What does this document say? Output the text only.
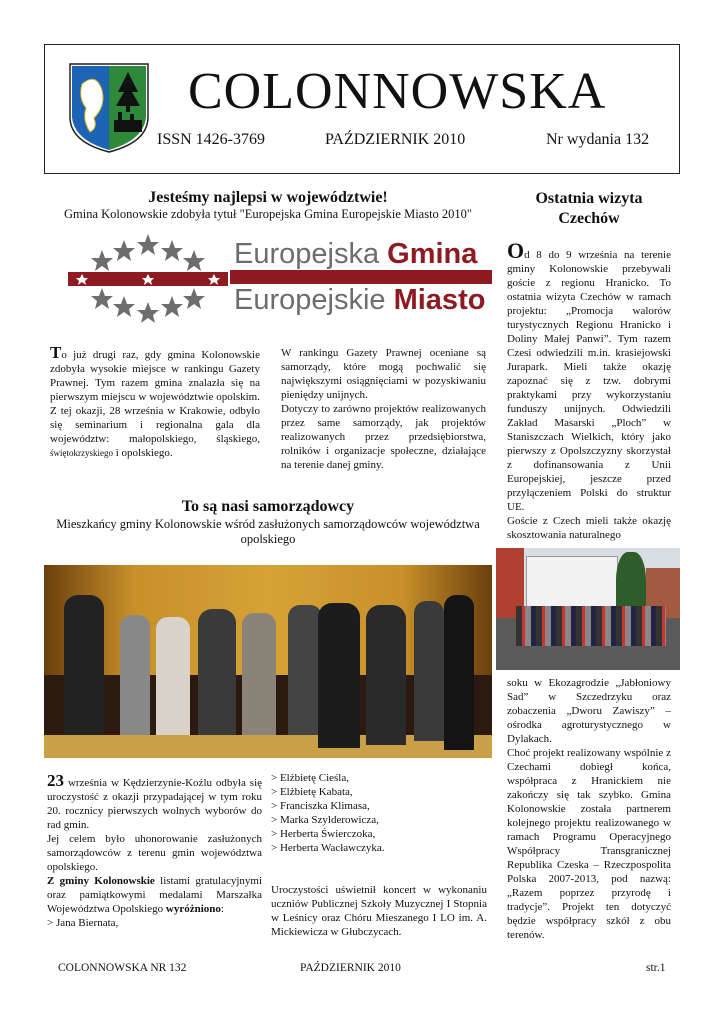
COLONNOWSKA
ISSN 1426-3769	PAŹDZIERNIK 2010	Nr wydania 132
Jesteśmy najlepsi w województwie!
Gmina Kolonowskie zdobyła tytuł "Europejska Gmina Europejskie Miasto 2010"
Europejska Gmina
Europejskie Miasto
To już drugi raz, gdy gmina Kolonowskie zdobyła wysokie miejsce w rankingu Gazety Prawnej. Tym razem gmina znalazła się na pierwszym miejscu w województwie opolskim. Z tej okazji, 28 września w Krakowie, odbyło się seminarium i regionalna gala dla województw: małopolskiego, śląskiego, świętokrzyskiego i opolskiego.

W rankingu Gazety Prawnej oceniane są samorządy, które mogą pochwalić się największymi osiągnięciami w pozyskiwaniu pieniędzy unijnych.

Dotyczy to zarówno projektów realizowanych przez same samorządy, jak projektów realizowanych przez przedsiębiorstwa, rolników i organizacje społeczne, działające na terenie danej gminy.

To są nasi samorządowcy
Mieszkańcy gminy Kolonowskie wśród zasłużonych samorządowców województwa opolskiego

23 września w Kędzierzynie-Koźlu odbyła się uroczystość z okazji przypadającej w tym roku 20. rocznicy pierwszych wolnych wyborów do rad gmin.

Jej celem było uhonorowanie zasłużonych samorządowców z terenu gmin województwa opolskiego.

Z gminy Kolonowskie listami gratulacyjnymi oraz pamiątkowymi medalami Marszałka Województwa Opolskiego wyróżniono:

> Jana Biernata,

> Elżbietę Cieśla,

> Elżbietę Kabata,

> Franciszka Klimasa,

> Marka Szylderowicza,

> Herberta Świerczoka,

> Herberta Wacławczyka.

Uroczystości uświetnił koncert w wykonaniu uczniów Publicznej Szkoły Muzycznej I Stopnia w Leśnicy oraz Chóru Mieszanego I LO im. A. Mickiewicza w Głubczycach.

Ostatnia wizyta Czechów

Od 8 do 9 września na terenie gminy Kolonowskie przebywali goście z regionu Hranicko. To ostatnia wizyta Czechów w ramach projektu: „Promocja walorów turystycznych Regionu Hranicko i Doliny Małej Panwi”. Tym razem Czesi odwiedzili m.in. krasiejowski Jurapark. Mieli także okazję zapoznać się z tzw. dobrymi praktykami przy wykorzystaniu funduszy unijnych. Odwiedzili Zakład Masarski „Ploch” w Staniszczach Wielkich, który jako pierwszy z Opolszczyzny skorzystał z dofinansowania z Unii Europejskiej, jeszcze przed przyłączeniem Polski do struktur UE.

Goście z Czech mieli także okazję skosztowania naturalnego

soku w Ekozagrodzie „Jabłoniowy Sad” w Szczedrzyku oraz zobaczenia „Dworu Zawiszy” – ośrodka agroturystycznego w Dylakach.

Choć projekt realizowany wspólnie z Czechami dobiegł końca, współpraca z Hranickiem nie zakończy się tak szybko. Gmina Kolonowskie została partnerem kolejnego projektu realizowanego w ramach Programu Operacyjnego Współpracy Transgranicznej Republika Czeska – Rzeczpospolita Polska 2007-2013, pod nazwą: „Razem poprzez przyrodę i tradycje”. Projekt ten dotyczyć będzie współpracy szkół z obu terenów.

COLONNOWSKA NR 132	PAŹDZIERNIK 2010	str.1
